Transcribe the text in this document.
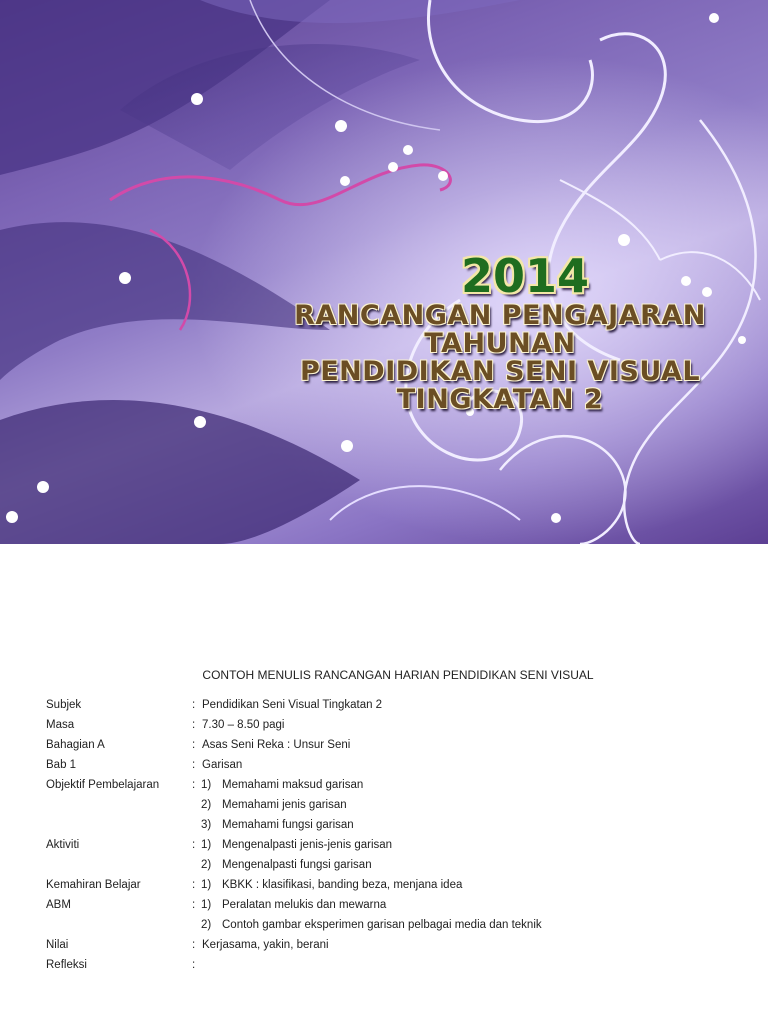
2014
RANCANGAN PENGAJARAN
TAHUNAN
PENDIDIKAN SENI VISUAL
TINGKATAN 2
CONTOH MENULIS RANCANGAN HARIAN PENDIDIKAN SENI VISUAL
Subjek	: Pendidikan Seni Visual Tingkatan 2
Masa	: 7.30 – 8.50 pagi
Bahagian A	: Asas Seni Reka : Unsur Seni
Bab 1	: Garisan
Objektif Pembelajaran	: 1) Memahami maksud garisan
2) Memahami jenis garisan
3) Memahami fungsi garisan
Aktiviti	: 1) Mengenalpasti jenis-jenis garisan
2) Mengenalpasti fungsi garisan
Kemahiran Belajar	: 1) KBKK : klasifikasi, banding beza, menjana idea
ABM	: 1) Peralatan melukis dan mewarna
2) Contoh gambar eksperimen garisan pelbagai media dan teknik
Nilai	: Kerjasama, yakin, berani
Refleksi	:
